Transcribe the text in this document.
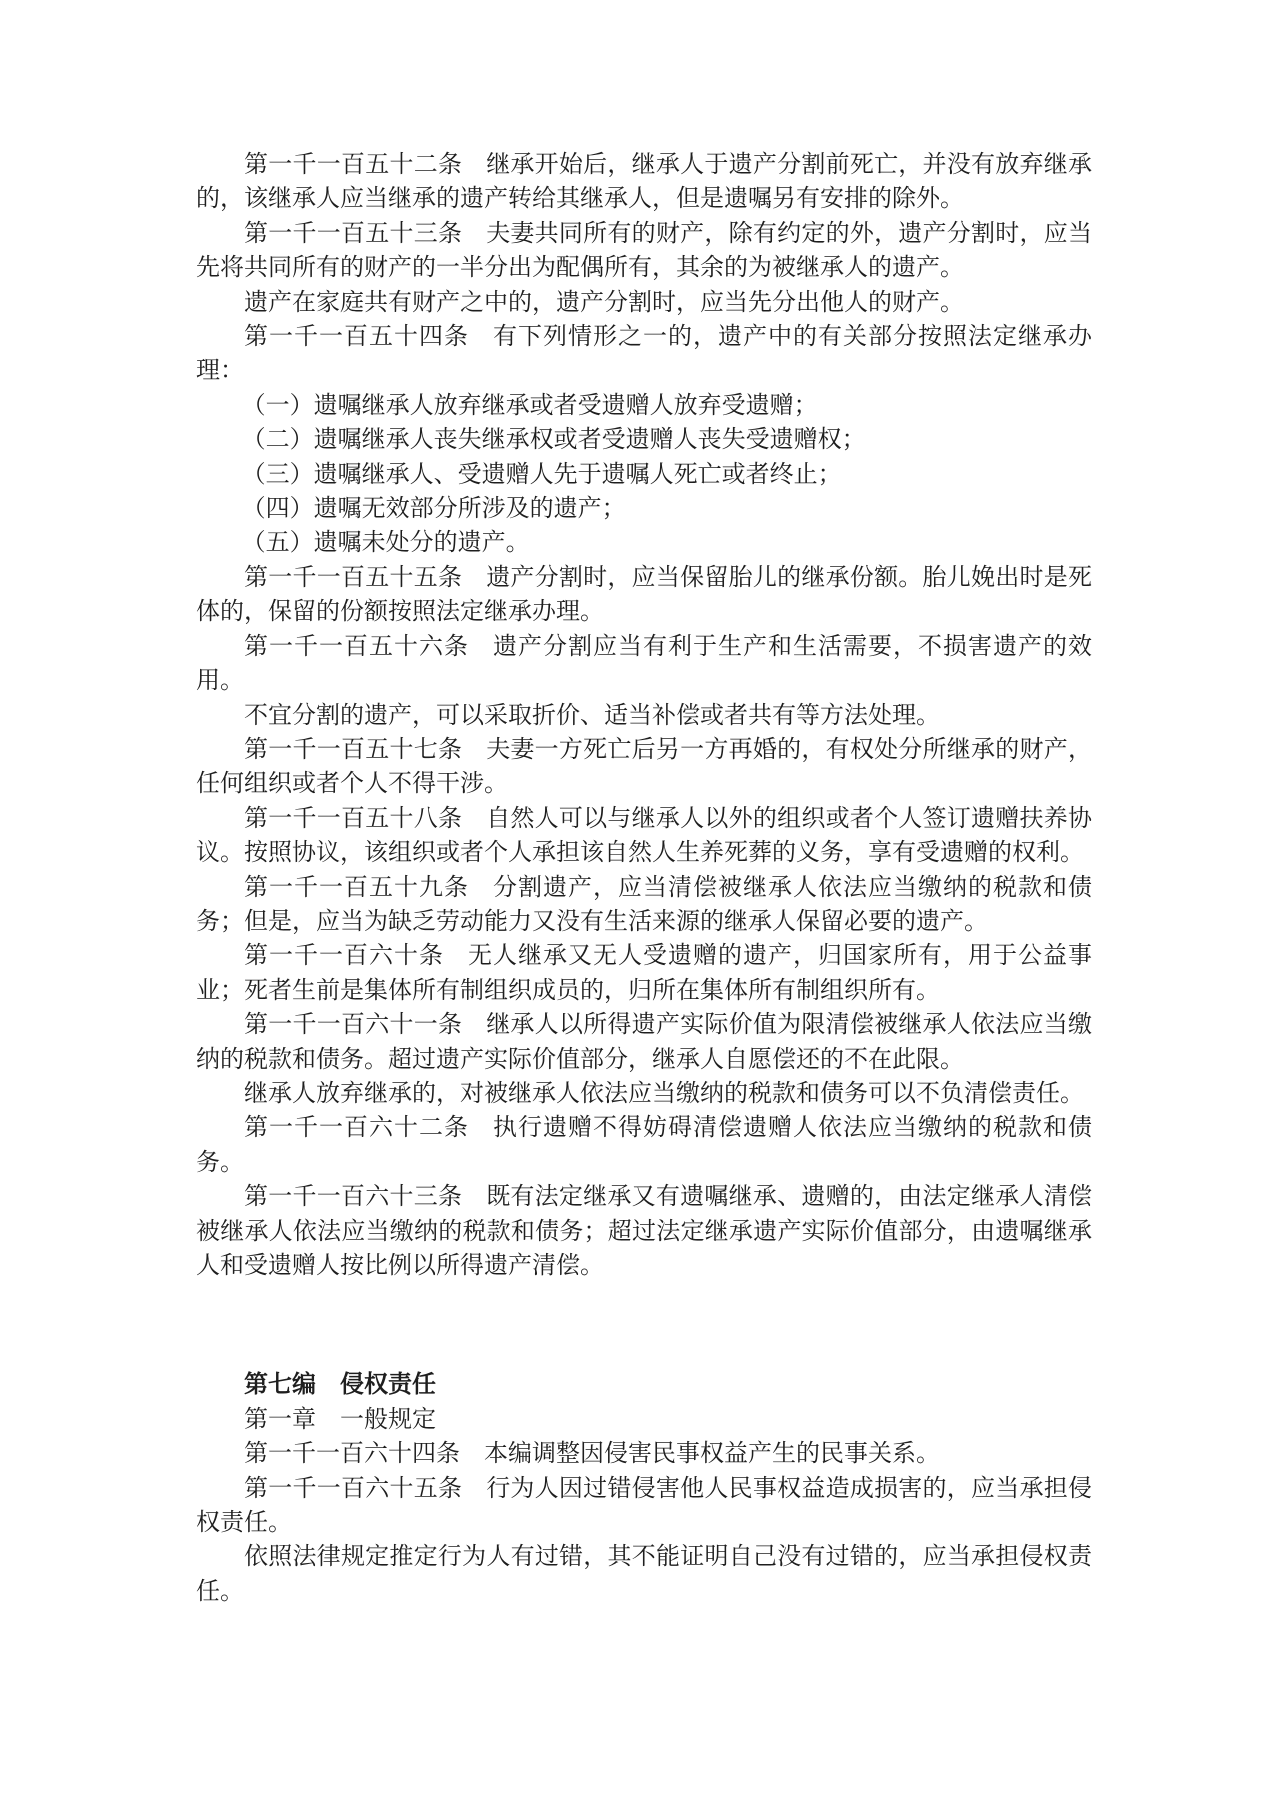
第一千一百五十二条 继承开始后，继承人于遗产分割前死亡，并没有放弃继承的，该继承人应当继承的遗产转给其继承人，但是遗嘱另有安排的除外。

第一千一百五十三条 夫妻共同所有的财产，除有约定的外，遗产分割时，应当先将共同所有的财产的一半分出为配偶所有，其余的为被继承人的遗产。

遗产在家庭共有财产之中的，遗产分割时，应当先分出他人的财产。

第一千一百五十四条 有下列情形之一的，遗产中的有关部分按照法定继承办理：

（一）遗嘱继承人放弃继承或者受遗赠人放弃受遗赠；

（二）遗嘱继承人丧失继承权或者受遗赠人丧失受遗赠权；

（三）遗嘱继承人、受遗赠人先于遗嘱人死亡或者终止；

（四）遗嘱无效部分所涉及的遗产；

（五）遗嘱未处分的遗产。

第一千一百五十五条 遗产分割时，应当保留胎儿的继承份额。胎儿娩出时是死体的，保留的份额按照法定继承办理。

第一千一百五十六条 遗产分割应当有利于生产和生活需要，不损害遗产的效用。

不宜分割的遗产，可以采取折价、适当补偿或者共有等方法处理。

第一千一百五十七条 夫妻一方死亡后另一方再婚的，有权处分所继承的财产，任何组织或者个人不得干涉。

第一千一百五十八条 自然人可以与继承人以外的组织或者个人签订遗赠扶养协议。按照协议，该组织或者个人承担该自然人生养死葬的义务，享有受遗赠的权利。

第一千一百五十九条 分割遗产，应当清偿被继承人依法应当缴纳的税款和债务；但是，应当为缺乏劳动能力又没有生活来源的继承人保留必要的遗产。

第一千一百六十条 无人继承又无人受遗赠的遗产，归国家所有，用于公益事业；死者生前是集体所有制组织成员的，归所在集体所有制组织所有。

第一千一百六十一条 继承人以所得遗产实际价值为限清偿被继承人依法应当缴纳的税款和债务。超过遗产实际价值部分，继承人自愿偿还的不在此限。

继承人放弃继承的，对被继承人依法应当缴纳的税款和债务可以不负清偿责任。

第一千一百六十二条 执行遗赠不得妨碍清偿遗赠人依法应当缴纳的税款和债务。

第一千一百六十三条 既有法定继承又有遗嘱继承、遗赠的，由法定继承人清偿被继承人依法应当缴纳的税款和债务；超过法定继承遗产实际价值部分，由遗嘱继承人和受遗赠人按比例以所得遗产清偿。

第七编 侵权责任

第一章 一般规定

第一千一百六十四条 本编调整因侵害民事权益产生的民事关系。

第一千一百六十五条 行为人因过错侵害他人民事权益造成损害的，应当承担侵权责任。

依照法律规定推定行为人有过错，其不能证明自己没有过错的，应当承担侵权责任。
